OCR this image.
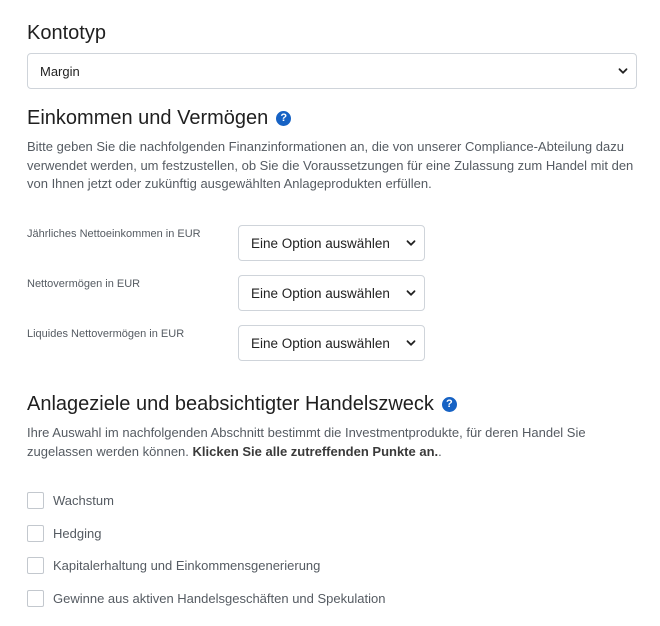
Kontotyp
Margin
Einkommen und Vermögen	?

Bitte geben Sie die nachfolgenden Finanzinformationen an, die von unserer Compliance-Abteilung dazu verwendet werden, um festzustellen, ob Sie die Voraussetzungen für eine Zulassung zum Handel mit den von Ihnen jetzt oder zukünftig ausgewählten Anlageprodukten erfüllen.

Jährliches Nettoeinkommen in EUR
Eine Option auswählen
Nettovermögen in EUR
Eine Option auswählen
Liquides Nettovermögen in EUR
Eine Option auswählen
Anlageziele und beabsichtigter Handelszweck	?

Ihre Auswahl im nachfolgenden Abschnitt bestimmt die Investmentprodukte, für deren Handel Sie zugelassen werden können. Klicken Sie alle zutreffenden Punkte an..

Wachstum
Hedging
Kapitalerhaltung und Einkommensgenerierung
Gewinne aus aktiven Handelsgeschäften und Spekulation
